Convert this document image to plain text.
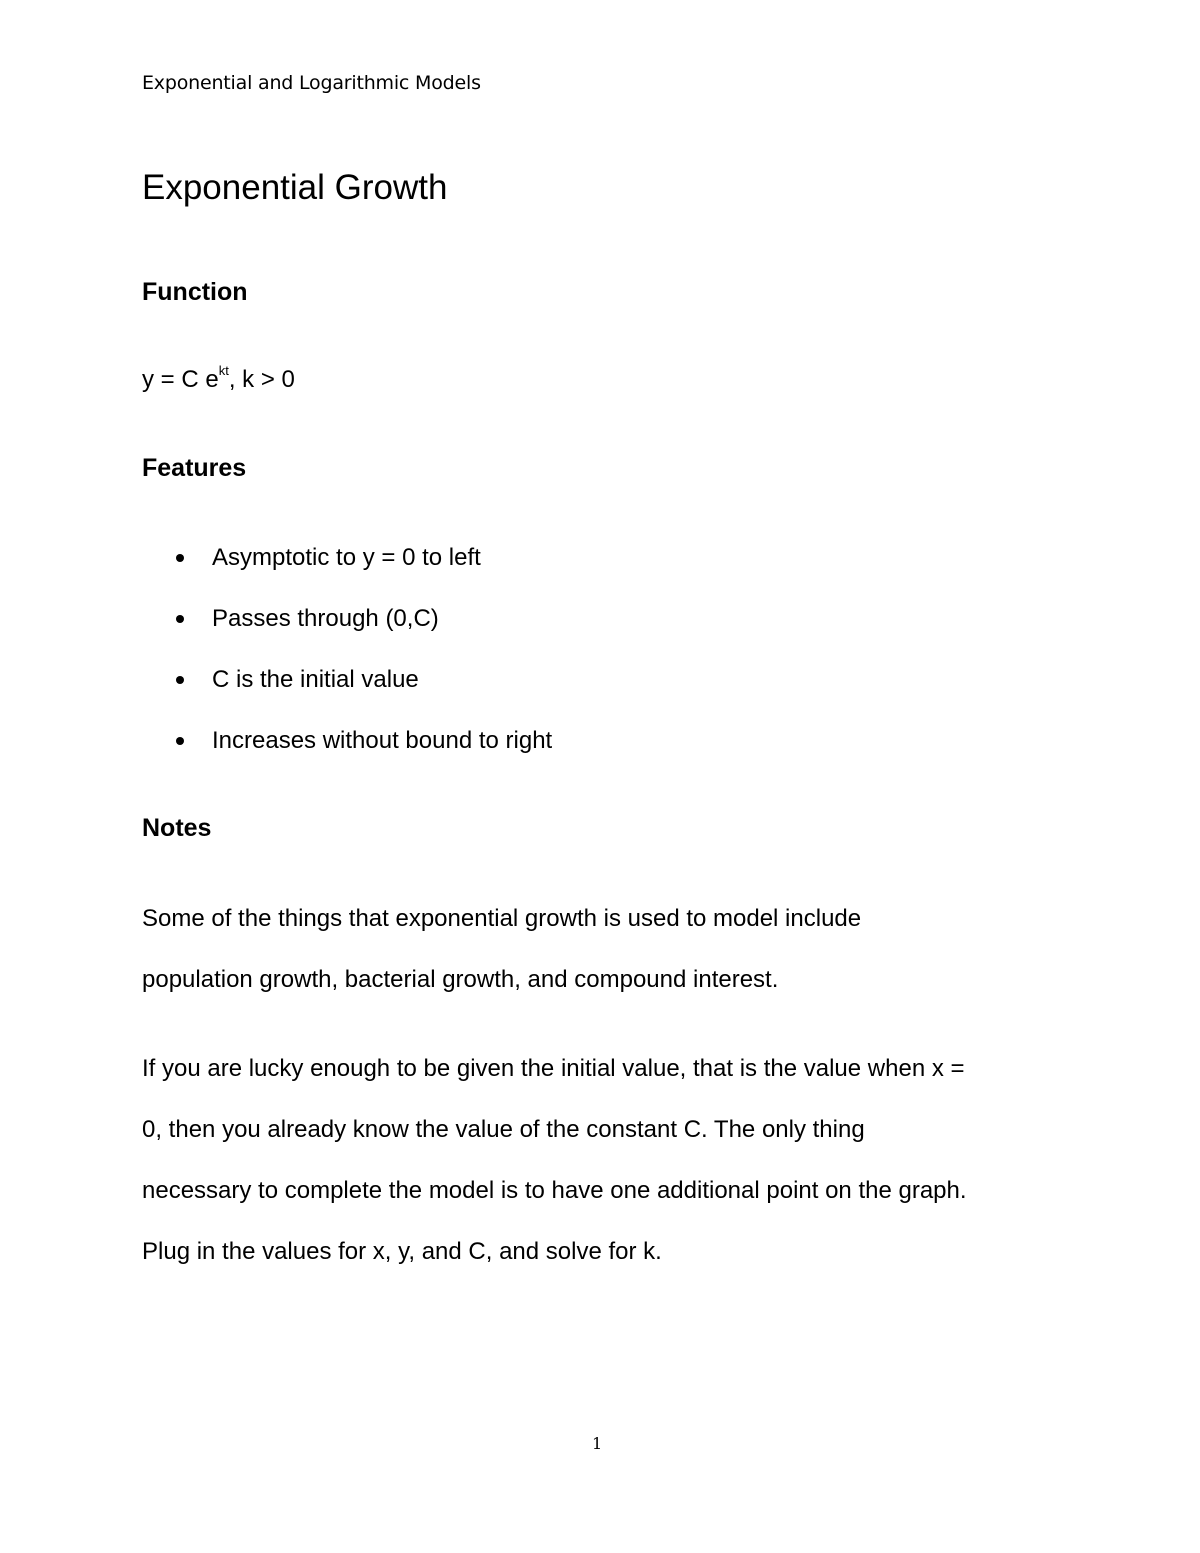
Exponential and Logarithmic Models
Exponential Growth
Function
y = C $e^{kt}$, k > 0
Features
Asymptotic to y = 0 to left
Passes through (0,C)
C is the initial value
Increases without bound to right
Notes

Some of the things that exponential growth is used to model include
population growth, bacterial growth, and compound interest.

If you are lucky enough to be given the initial value, that is the value when x =
0, then you already know the value of the constant C. The only thing
necessary to complete the model is to have one additional point on the graph.
Plug in the values for x, y, and C, and solve for k.

1
